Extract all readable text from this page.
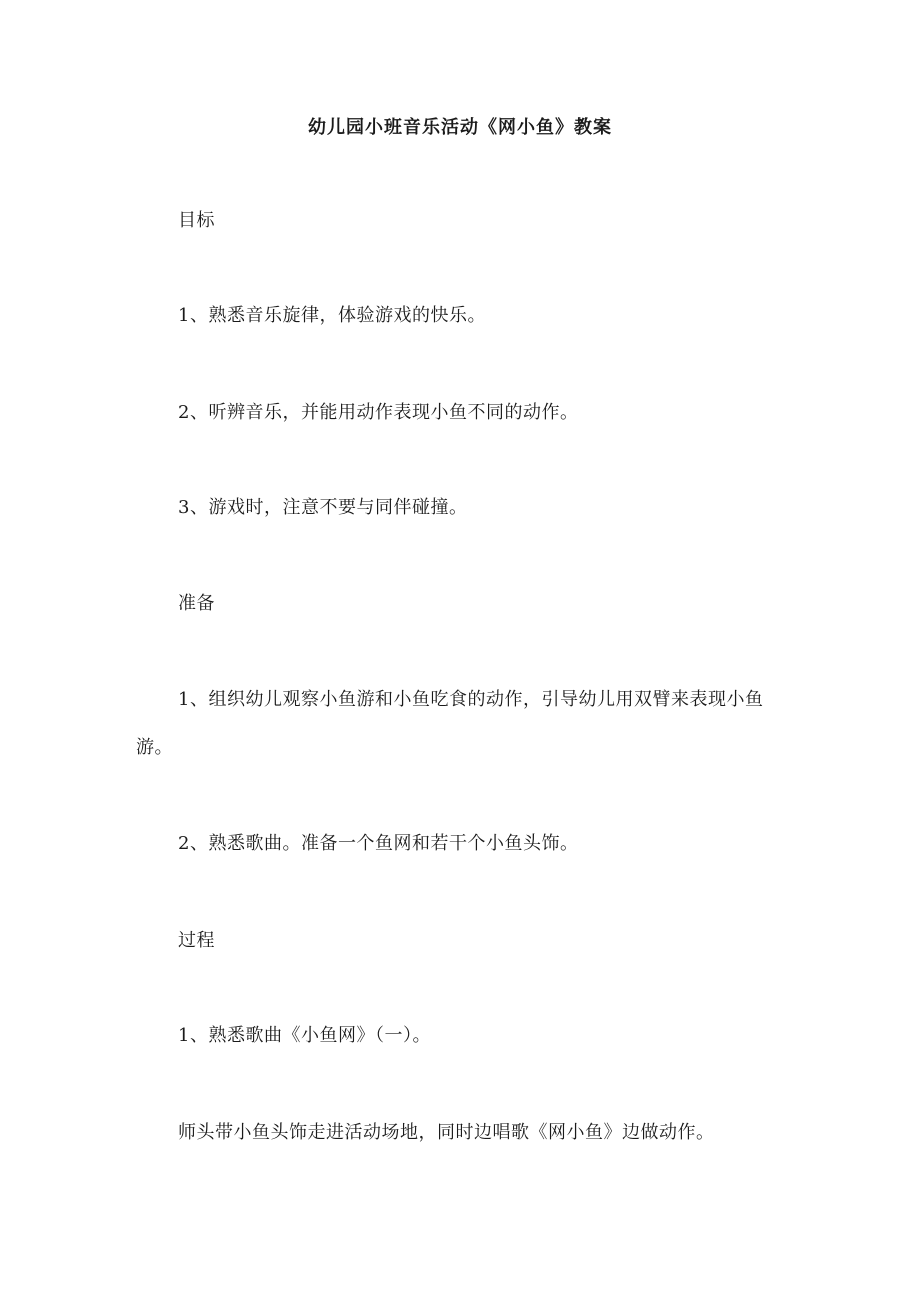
幼儿园小班音乐活动《网小鱼》教案
目标
1、熟悉音乐旋律，体验游戏的快乐。
2、听辨音乐，并能用动作表现小鱼不同的动作。
3、游戏时，注意不要与同伴碰撞。
准备
1、组织幼儿观察小鱼游和小鱼吃食的动作，引导幼儿用双臂来表现小鱼
游。
2、熟悉歌曲。准备一个鱼网和若干个小鱼头饰。
过程
1、熟悉歌曲《小鱼网》（一）。
师头带小鱼头饰走进活动场地，同时边唱歌《网小鱼》边做动作。
